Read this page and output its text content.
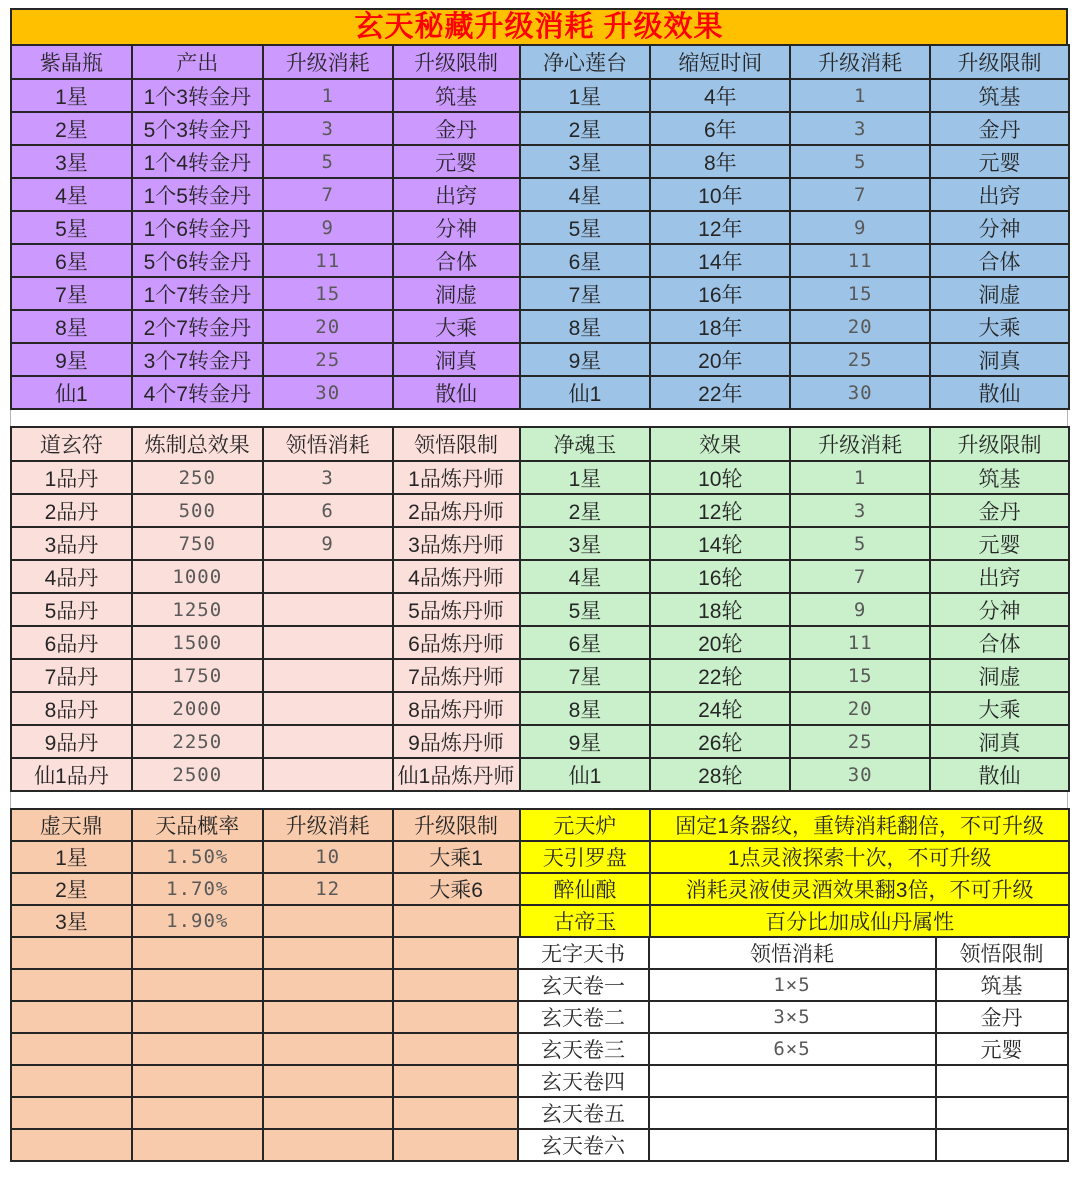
玄天秘藏升级消耗 升级效果
紫晶瓶	产出	升级消耗	升级限制
1星	1个3转金丹	1	筑基
2星	5个3转金丹	3	金丹
3星	1个4转金丹	5	元婴
4星	1个5转金丹	7	出窍
5星	1个6转金丹	9	分神
6星	5个6转金丹	11	合体
7星	1个7转金丹	15	洞虚
8星	2个7转金丹	20	大乘
9星	3个7转金丹	25	洞真
仙1	4个7转金丹	30	散仙
净心莲台	缩短时间	升级消耗	升级限制
1星	4年	1	筑基
2星	6年	3	金丹
3星	8年	5	元婴
4星	10年	7	出窍
5星	12年	9	分神
6星	14年	11	合体
7星	16年	15	洞虚
8星	18年	20	大乘
9星	20年	25	洞真
仙1	22年	30	散仙
道玄符	炼制总效果	领悟消耗	领悟限制
1品丹	250	3	1品炼丹师
2品丹	500	6	2品炼丹师
3品丹	750	9	3品炼丹师
4品丹	1000		4品炼丹师
5品丹	1250		5品炼丹师
6品丹	1500		6品炼丹师
7品丹	1750		7品炼丹师
8品丹	2000		8品炼丹师
9品丹	2250		9品炼丹师
仙1品丹	2500		仙1品炼丹师
净魂玉	效果	升级消耗	升级限制
1星	10轮	1	筑基
2星	12轮	3	金丹
3星	14轮	5	元婴
4星	16轮	7	出窍
5星	18轮	9	分神
6星	20轮	11	合体
7星	22轮	15	洞虚
8星	24轮	20	大乘
9星	26轮	25	洞真
仙1	28轮	30	散仙
虚天鼎	天品概率	升级消耗	升级限制
1星	1.50%	10	大乘1
2星	1.70%	12	大乘6
3星	1.90%		

元天炉	固定1条器纹，重铸消耗翻倍，不可升级
天引罗盘	1点灵液探索十次，不可升级
醉仙酿	消耗灵液使灵酒效果翻3倍，不可升级
古帝玉	百分比加成仙丹属性
无字天书	领悟消耗	领悟限制
玄天卷一	1×5	筑基
玄天卷二	3×5	金丹
玄天卷三	6×5	元婴
玄天卷四		
玄天卷五		
玄天卷六		
